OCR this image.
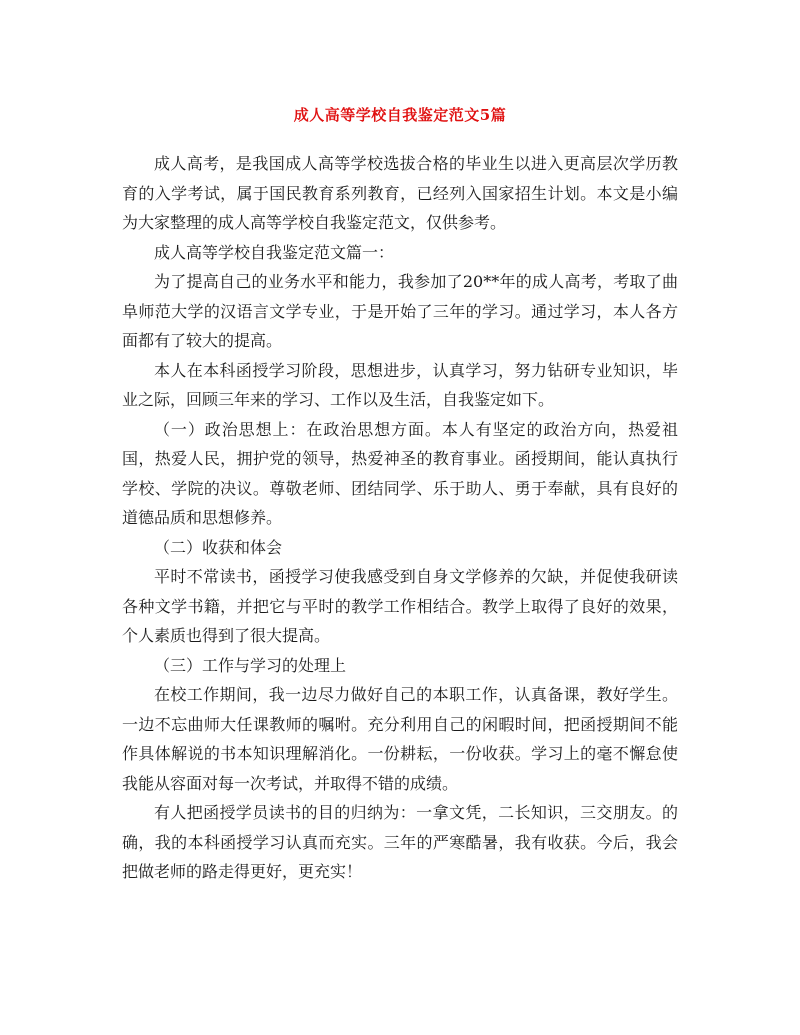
成人高等学校自我鉴定范文5篇

成人高考，是我国成人高等学校选拔合格的毕业生以进入更高层次学历教育的入学考试，属于国民教育系列教育，已经列入国家招生计划。本文是小编为大家整理的成人高等学校自我鉴定范文，仅供参考。

成人高等学校自我鉴定范文篇一：

为了提高自己的业务水平和能力，我参加了20**年的成人高考，考取了曲阜师范大学的汉语言文学专业，于是开始了三年的学习。通过学习，本人各方面都有了较大的提高。

本人在本科函授学习阶段，思想进步，认真学习，努力钻研专业知识，毕业之际，回顾三年来的学习、工作以及生活，自我鉴定如下。

（一）政治思想上：在政治思想方面。本人有坚定的政治方向，热爱祖国，热爱人民，拥护党的领导，热爱神圣的教育事业。函授期间，能认真执行学校、学院的决议。尊敬老师、团结同学、乐于助人、勇于奉献，具有良好的道德品质和思想修养。

（二）收获和体会

平时不常读书，函授学习使我感受到自身文学修养的欠缺，并促使我研读各种文学书籍，并把它与平时的教学工作相结合。教学上取得了良好的效果，个人素质也得到了很大提高。

（三）工作与学习的处理上

在校工作期间，我一边尽力做好自己的本职工作，认真备课，教好学生。一边不忘曲师大任课教师的嘱咐。充分利用自己的闲暇时间，把函授期间不能作具体解说的书本知识理解消化。一份耕耘，一份收获。学习上的毫不懈怠使我能从容面对每一次考试，并取得不错的成绩。

有人把函授学员读书的目的归纳为：一拿文凭，二长知识，三交朋友。的确，我的本科函授学习认真而充实。三年的严寒酷暑，我有收获。今后，我会把做老师的路走得更好，更充实！
